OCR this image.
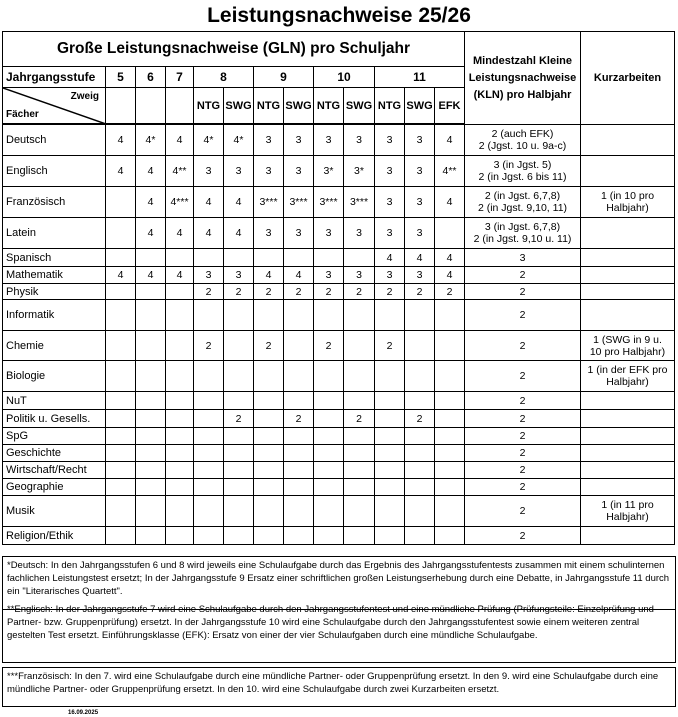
Leistungsnachweise 25/26
Große Leistungsnachweise (GLN) pro Schuljahr													Mindestzahl Kleine
Leistungsnachweise
(KLN) pro Halbjahr	Kurzarbeiten
Jahrgangsstufe	5	6	7	8		9		10		11				

Zweig
Fächer				NTG	SWG	NTG	SWG	NTG	SWG	NTG	SWG	EFK		

Deutsch	4	4*	4	4*	4*	3	3	3	3	3	3	4	2 (auch EFK)
2 (Jgst. 10 u. 9a-c)	

Englisch	4	4	4**	3	3	3	3	3*	3*	3	3	4**	3 (in Jgst. 5)
2 (in Jgst. 6 bis 11)	

Französisch		4	4***	4	4	3***	3***	3***	3***	3	3	4	2 (in Jgst. 6,7,8)
2 (in Jgst. 9,10, 11)	1 (in 10 pro
Halbjahr)

Latein		4	4	4	4	3	3	3	3	3	3		3 (in Jgst. 6,7,8)
2 (in Jgst. 9,10 u. 11)	

Spanisch										4	4	4	3	

Mathematik	4	4	4	3	3	4	4	3	3	3	3	4	2	

Physik				2	2	2	2	2	2	2	2	2	2	

Informatik													2	

Chemie				2		2		2		2			2	1 (SWG in 9 u.
10 pro Halbjahr)

Biologie													2	1 (in der EFK pro
Halbjahr)

NuT													2	

Politik u. Gesells.					2		2		2		2		2	

SpG													2	

Geschichte													2	

Wirtschaft/Recht													2	

Geographie													2	

Musik													2	1 (in 11 pro
Halbjahr)

Religion/Ethik													2	

*Deutsch: In den Jahrgangsstufen 6 und 8 wird jeweils eine Schulaufgabe durch das Ergebnis des Jahrgangsstufentests zusammen mit einem schulinternen fachlichen Leistungstest ersetzt; In der Jahrgangsstufe 9 Ersatz einer schriftlichen großen Leistungserhebung durch eine Debatte, in Jahrgangsstufe 11 durch ein "Literarisches Quartett".
**Englisch: In der Jahrgangsstufe 7 wird eine Schulaufgabe durch den Jahrgangsstufentest und eine mündliche Prüfung (Prüfungsteile: Einzelprüfung und Partner- bzw. Gruppenprüfung) ersetzt. In der Jahrgangsstufe 10 wird eine Schulaufgabe durch den Jahrgangsstufentest sowie einem weiteren zentral gestelten Test ersetzt. Einführungsklasse (EFK): Ersatz von einer der vier Schulaufgaben durch eine mündliche Schulaufgabe.
***Französisch: In den 7. wird eine Schulaufgabe durch eine mündliche Partner- oder Gruppenprüfung ersetzt. In den 9. wird eine Schulaufgabe durch eine mündliche Partner- oder Gruppenprüfung ersetzt. In den 10. wird eine Schulaufgabe durch zwei Kurzarbeiten ersetzt.
16.09.2025
